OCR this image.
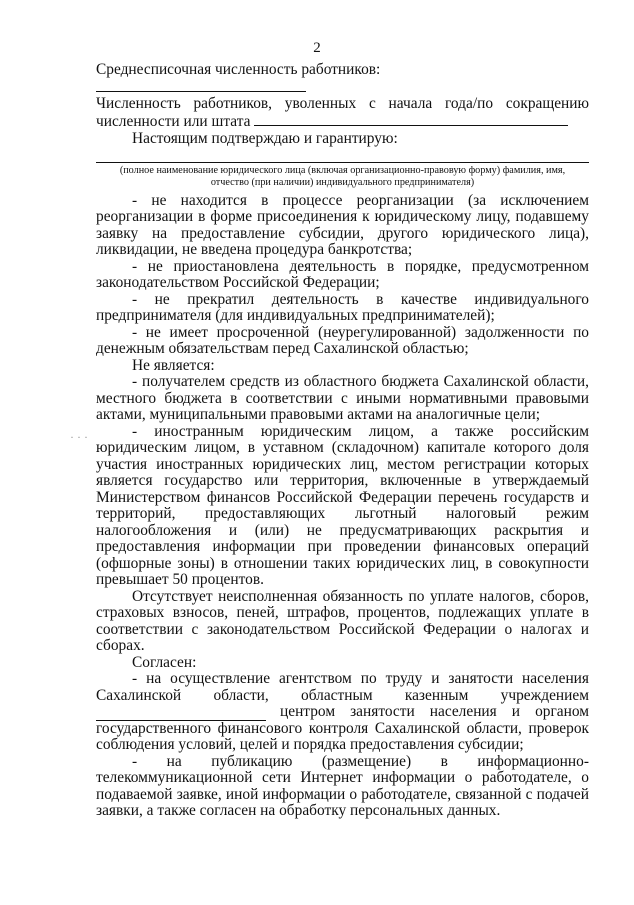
2

Среднесписочная численность работников:

Численность работников, уволенных с начала года/по сокращению

численности или штата

Настоящим подтверждаю и гарантирую:

(полное наименование юридического лица (включая организационно-правовую форму) фамилия, имя,
отчество (при наличии) индивидуального предпринимателя)

- не находится в процессе реорганизации (за исключением реорганизации в форме присоединения к юридическому лицу, подавшему заявку на предоставление субсидии, другого юридического лица), ликвидации, не введена процедура банкротства;

- не приостановлена деятельность в порядке, предусмотренном законодательством Российской Федерации;

- не прекратил деятельность в качестве индивидуального предпринимателя (для индивидуальных предпринимателей);

- не имеет просроченной (неурегулированной) задолженности по денежным обязательствам перед Сахалинской областью;

Не является:

- получателем средств из областного бюджета Сахалинской области, местного бюджета в соответствии с иными нормативными правовыми актами, муниципальными правовыми актами на аналогичные цели;

- иностранным юридическим лицом, а также российским юридическим лицом, в уставном (складочном) капитале которого доля участия иностранных юридических лиц, местом регистрации которых является государство или территория, включенные в утверждаемый Министерством финансов Российской Федерации перечень государств и территорий, предоставляющих льготный налоговый режим налогообложения и (или) не предусматривающих раскрытия и предоставления информации при проведении финансовых операций (офшорные зоны) в отношении таких юридических лиц, в совокупности превышает 50 процентов.

Отсутствует неисполненная обязанность по уплате налогов, сборов, страховых взносов, пеней, штрафов, процентов, подлежащих уплате в соответствии с законодательством Российской Федерации о налогах и сборах.

Согласен:

- на осуществление агентством по труду и занятости населения

Сахалинской области, областным казенным учреждением

центром занятости населения и органом

государственного финансового контроля Сахалинской области, проверок соблюдения условий, целей и порядка предоставления субсидии;

- на публикацию (размещение) в информационно-

телекоммуникационной сети Интернет информации о работодателе, о подаваемой заявке, иной информации о работодателе, связанной с подачей заявки, а также согласен на обработку персональных данных.

· · ·
